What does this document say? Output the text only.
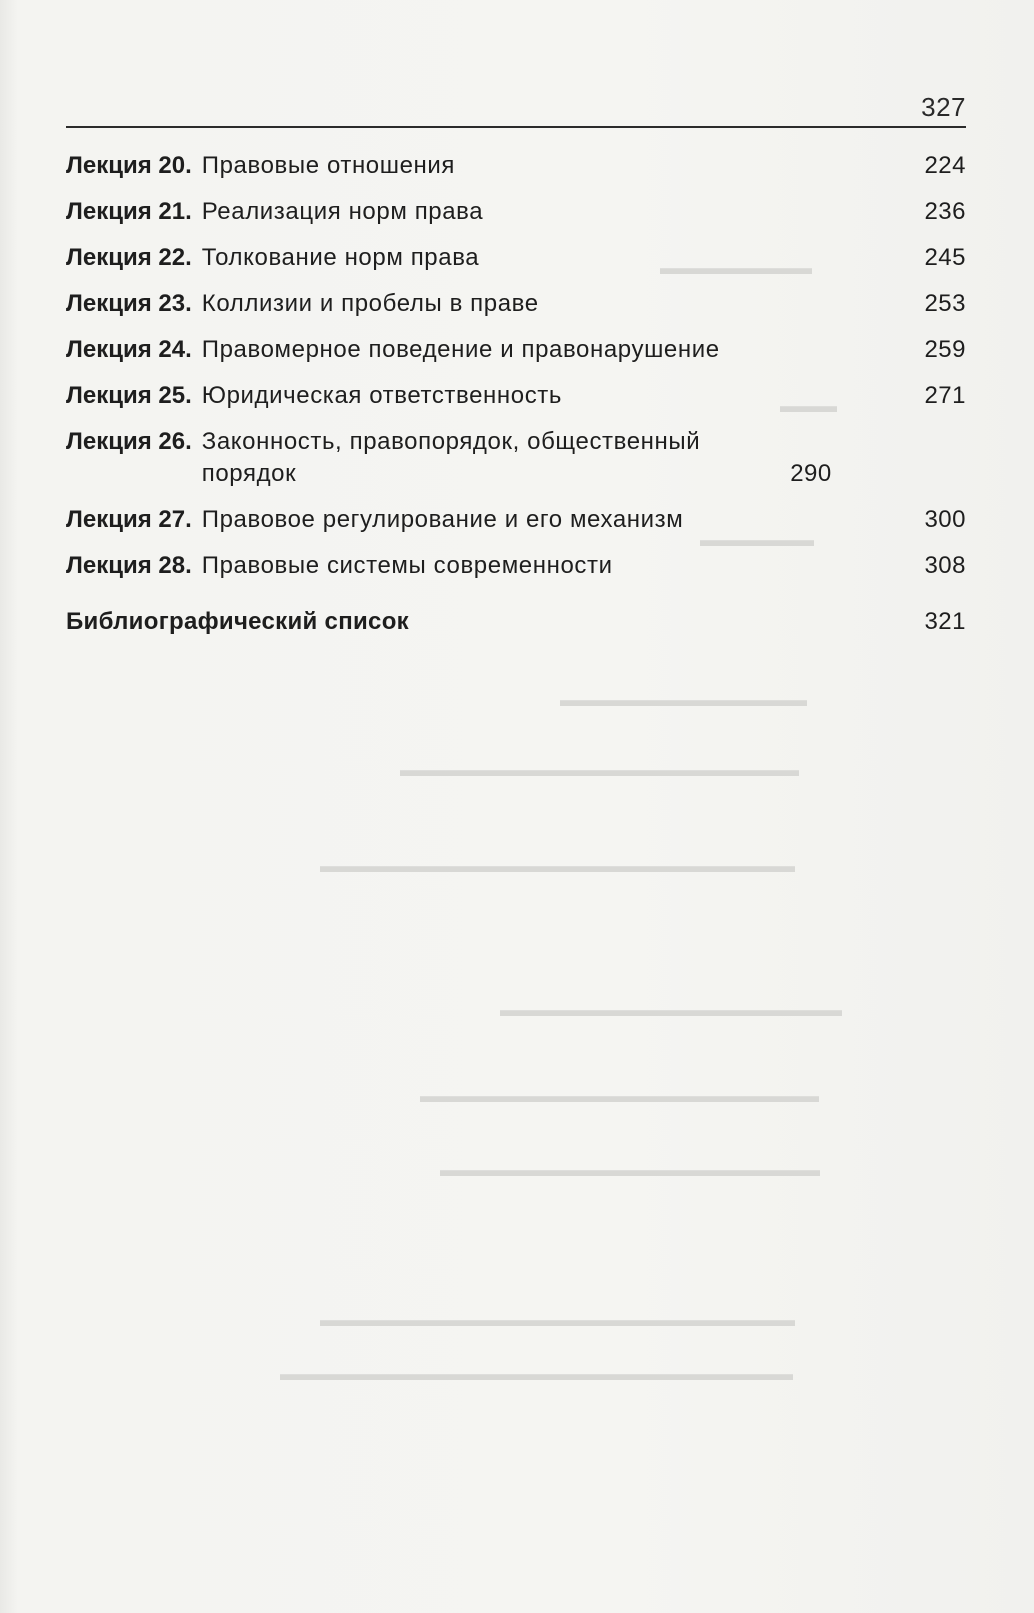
▬▬▬▬▬▬▬▬
▬▬▬
▬▬▬▬▬▬
▬▬▬▬▬▬▬▬▬▬▬▬▬
▬▬▬▬▬▬▬▬▬▬▬▬▬▬▬▬▬▬▬▬▬
▬▬▬▬▬▬▬▬▬▬▬▬▬▬▬▬▬▬▬▬▬▬▬▬▬
▬▬▬▬▬▬▬▬▬▬▬▬▬▬▬▬▬▬
▬▬▬▬▬▬▬▬▬▬▬▬▬▬▬▬▬▬▬▬▬
▬▬▬▬▬▬▬▬▬▬▬▬▬▬▬▬▬▬▬▬
▬▬▬▬▬▬▬▬▬▬▬▬▬▬▬▬▬▬▬▬▬▬▬▬▬
▬▬▬▬▬▬▬▬▬▬▬▬▬▬▬▬▬▬▬▬▬▬▬▬▬▬▬
327
Лекция 20. Правовые отношения	224
Лекция 21. Реализация норм права	236
Лекция 22. Толкование норм права	245
Лекция 23. Коллизии и пробелы в праве	253
Лекция 24. Правомерное поведение и правонарушение	259
Лекция 25. Юридическая ответственность	271
Лекция 26. Законность, правопорядок, общественный порядок	290
Лекция 27. Правовое регулирование и его механизм	300
Лекция 28. Правовые системы современности	308
Библиографический список	321
